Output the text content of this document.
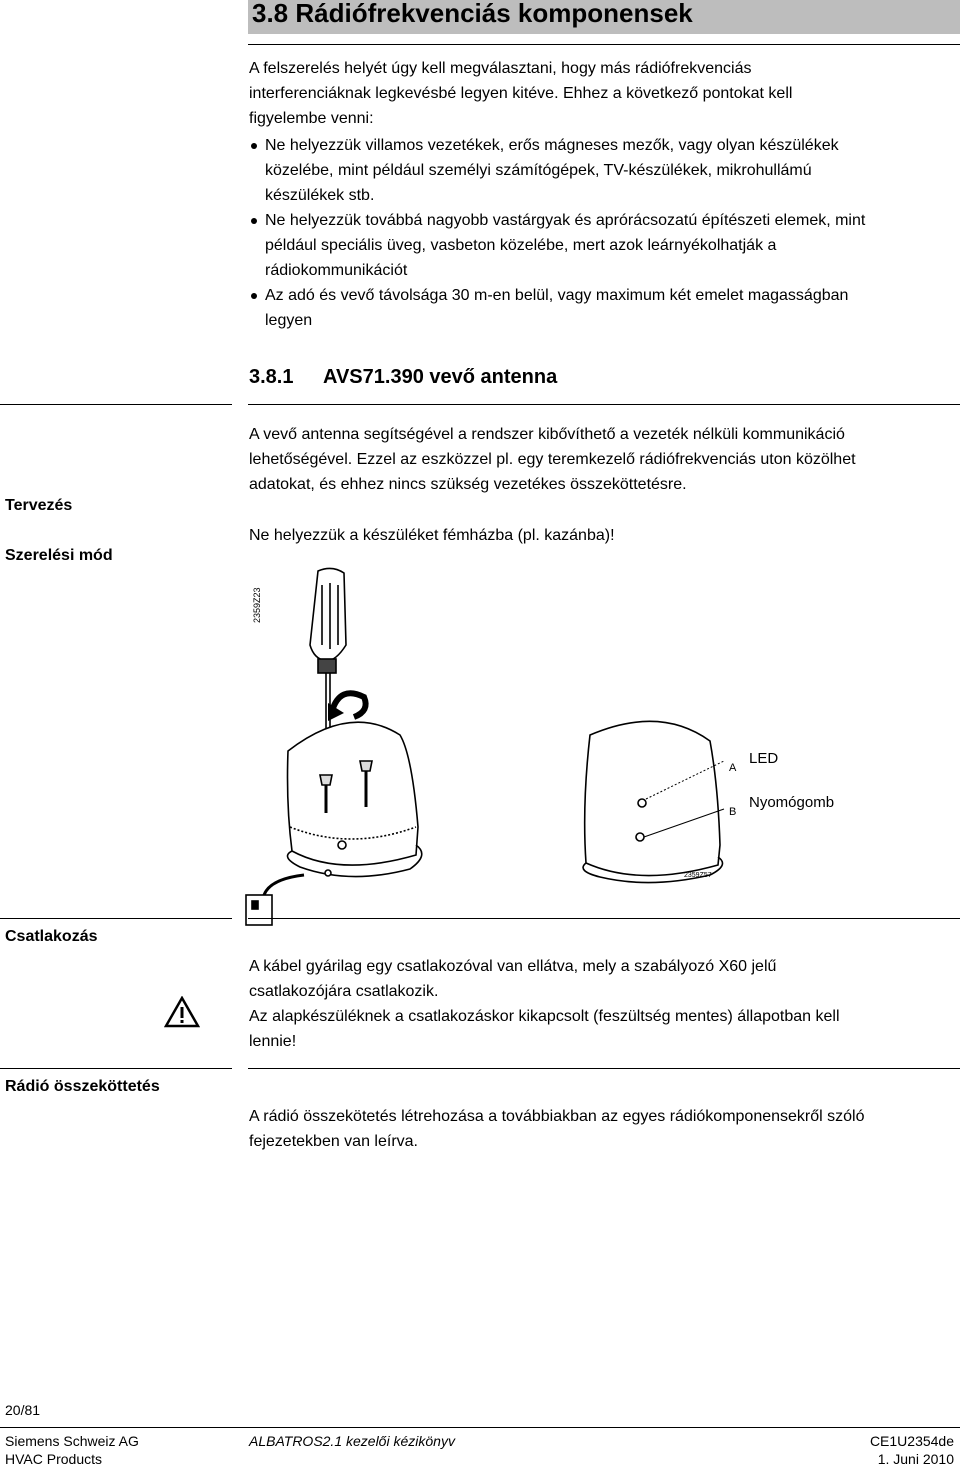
3.8 Rádiófrekvenciás komponensek
A felszerelés helyét úgy kell megválasztani, hogy más rádiófrekvenciás
interferenciáknak legkevésbé legyen kitéve. Ehhez a következő pontokat kell
figyelembe venni:
Ne helyezzük villamos vezetékek, erős mágneses mezők, vagy olyan készülékek
közelébe, mint például személyi számítógépek, TV-készülékek, mikrohullámú
készülékek stb.
Ne helyezzük továbbá nagyobb vastárgyak és aprórácsozatú építészeti elemek, mint
például speciális üveg, vasbeton közelébe, mert azok leárnyékolhatják a
rádiokommunikációt
Az adó és vevő távolsága 30 m-en belül, vagy maximum két emelet magasságban
legyen
3.8.1 AVS71.390 vevő antenna
Tervezés
Szerelési mód
Csatlakozás
Rádió összeköttetés
A vevő antenna segítségével a rendszer kibővíthető a vezeték nélküli kommunikáció
lehetőségével. Ezzel az eszközzel pl. egy teremkezelő rádiófrekvenciás uton közölhet
adatokat, és ehhez nincs szükség vezetékes összeköttetésre.
Ne helyezzük a készüléket fémházba (pl. kazánba)!
2359Z23
2359Z57
A
LED
B
Nyomógomb
A kábel gyárilag egy csatlakozóval van ellátva, mely a szabályozó X60 jelű
csatlakozójára csatlakozik.
Az alapkészüléknek a csatlakozáskor kikapcsolt (feszültség mentes) állapotban kell
lennie!
A rádió összekötetés létrehozása a továbbiakban az egyes rádiókomponensekről szóló
fejezetekben van leírva.
20/81
Siemens Schweiz AG
HVAC Products
ALBATROS2.1 kezelői kézikönyv	CE1U2354de
1. Juni 2010
